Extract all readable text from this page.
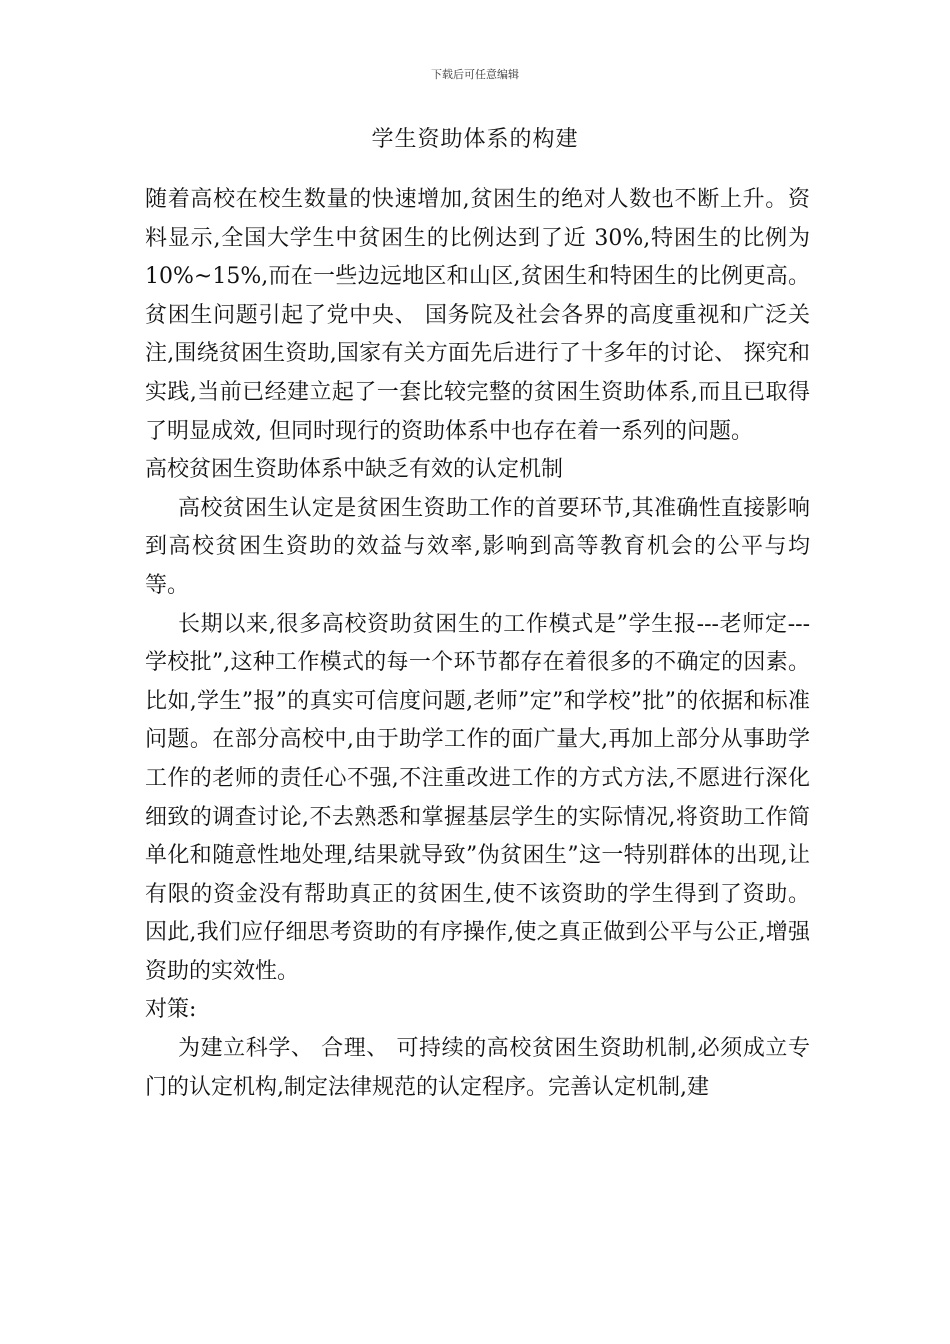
下载后可任意编辑
学生资助体系的构建

随着高校在校生数量的快速增加,贫困生的绝对人数也不断上升。资料显示,全国大学生中贫困生的比例达到了近 30%,特困生的比例为 10%~15%,而在一些边远地区和山区,贫困生和特困生的比例更高。贫困生问题引起了党中央、 国务院及社会各界的高度重视和广泛关注,围绕贫困生资助,国家有关方面先后进行了十多年的讨论、 探究和实践,当前已经建立起了一套比较完整的贫困生资助体系,而且已取得了明显成效, 但同时现行的资助体系中也存在着一系列的问题。

高校贫困生资助体系中缺乏有效的认定机制

高校贫困生认定是贫困生资助工作的首要环节,其准确性直接影响到高校贫困生资助的效益与效率,影响到高等教育机会的公平与均等。

长期以来,很多高校资助贫困生的工作模式是”学生报---老师定---学校批”,这种工作模式的每一个环节都存在着很多的不确定的因素。比如,学生”报”的真实可信度问题,老师”定”和学校”批”的依据和标准问题。在部分高校中,由于助学工作的面广量大,再加上部分从事助学工作的老师的责任心不强,不注重改进工作的方式方法,不愿进行深化细致的调查讨论,不去熟悉和掌握基层学生的实际情况,将资助工作简单化和随意性地处理,结果就导致”伪贫困生”这一特别群体的出现,让有限的资金没有帮助真正的贫困生,使不该资助的学生得到了资助。因此,我们应仔细思考资助的有序操作,使之真正做到公平与公正,增强资助的实效性。

对策:

为建立科学、 合理、 可持续的高校贫困生资助机制,必须成立专门的认定机构,制定法律规范的认定程序。完善认定机制,建
